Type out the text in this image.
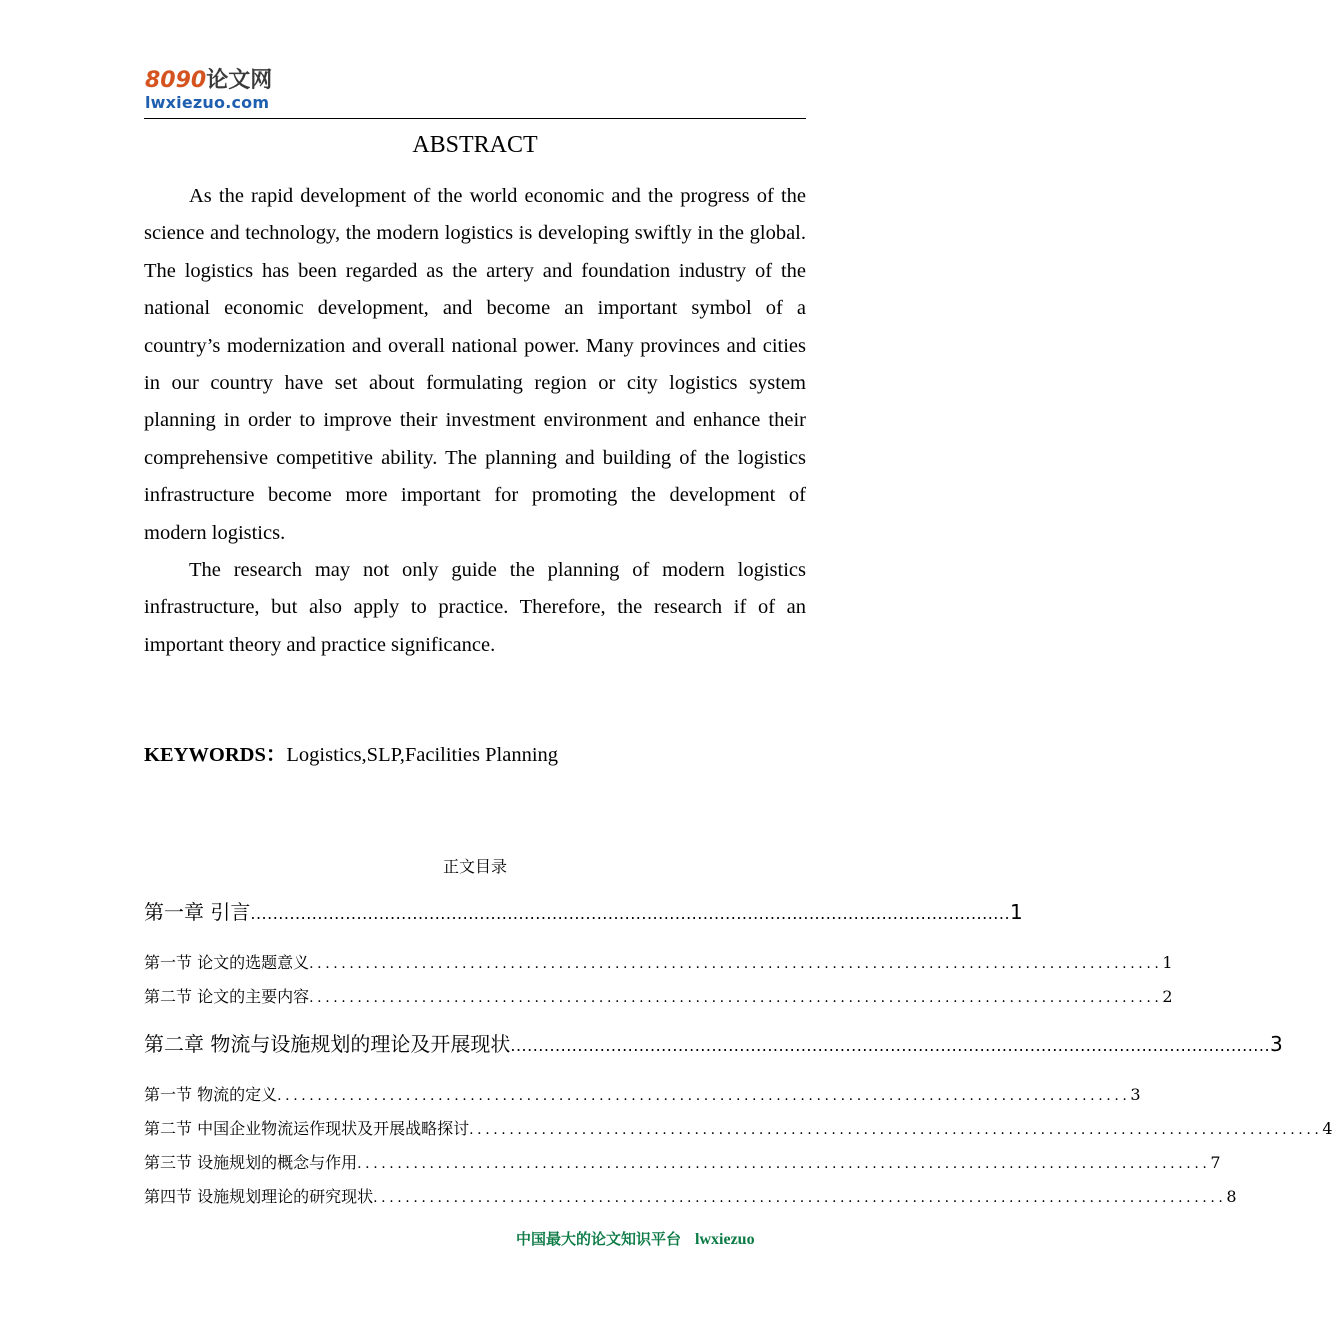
8090论文网
lwxiezuo.com
ABSTRACT

As the rapid development of the world economic and the progress of the science and technology, the modern logistics is developing swiftly in the global. The logistics has been regarded as the artery and foundation industry of the national economic development, and become an important symbol of a country’s modernization and overall national power. Many provinces and cities in our country have set about formulating region or city logistics system planning in order to improve their investment environment and enhance their comprehensive competitive ability. The planning and building of the logistics infrastructure become more important for promoting the development of modern logistics.

The research may not only guide the planning of modern logistics infrastructure, but also apply to practice. Therefore, the research if of an important theory and practice significance.

KEYWORDS：Logistics,SLP,Facilities Planning
正文目录
第一章 引言 ........................................................................................................................................ 1
第一节 论文的选题意义 .......................................................................................................... 1
第二节 论文的主要内容 .......................................................................................................... 2
第二章 物流与设施规划的理论及开展现状 ........................................................................................................................................ 3
第一节 物流的定义 .......................................................................................................... 3
第二节 中国企业物流运作现状及开展战略探讨 .......................................................................................................... 4
第三节 设施规划的概念与作用 .......................................................................................................... 7
第四节 设施规划理论的研究现状 .......................................................................................................... 8
中国最大的论文知识平台 lwxiezuo
